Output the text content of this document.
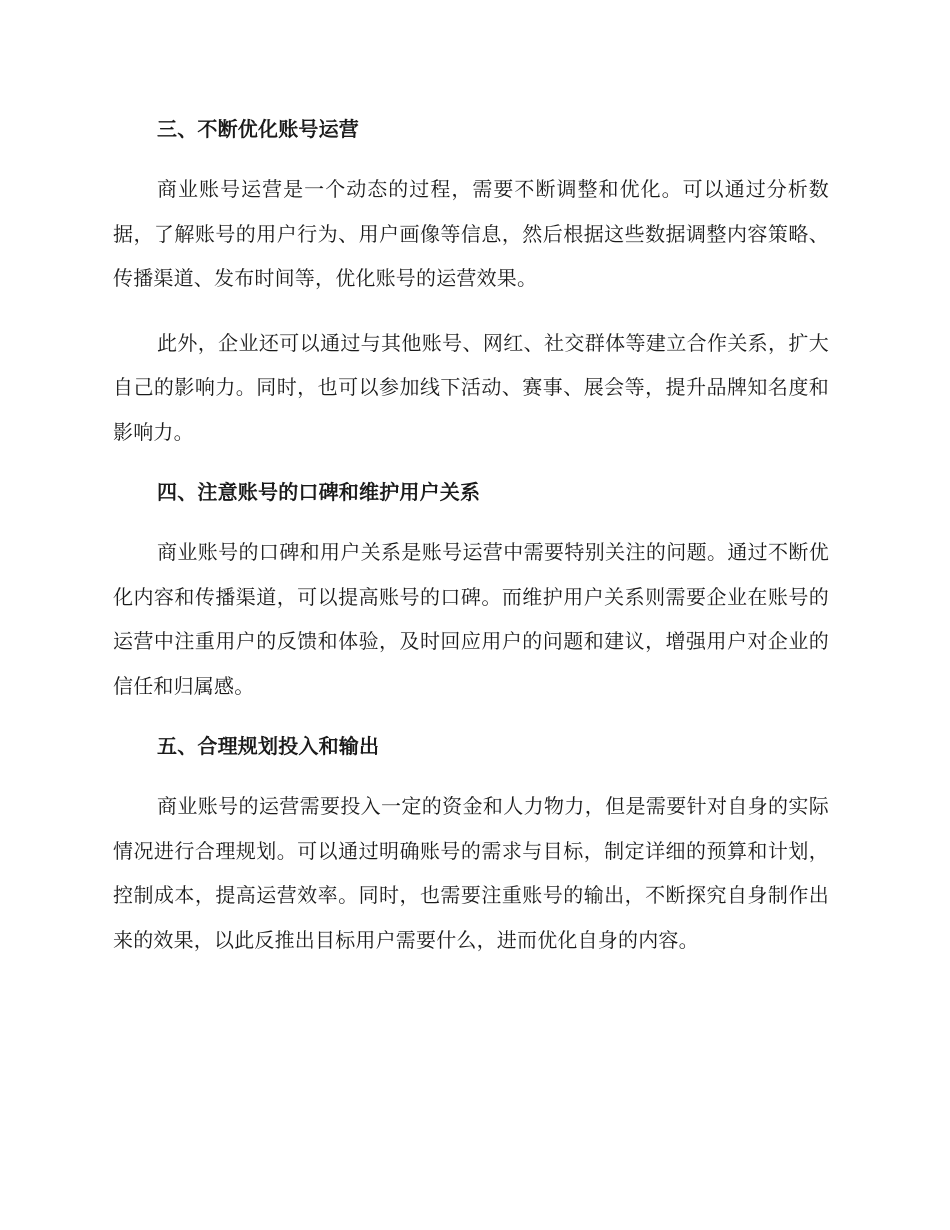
三、不断优化账号运营

商业账号运营是一个动态的过程，需要不断调整和优化。可以通过分析数据，了解账号的用户行为、用户画像等信息，然后根据这些数据调整内容策略、传播渠道、发布时间等，优化账号的运营效果。

此外，企业还可以通过与其他账号、网红、社交群体等建立合作关系，扩大自己的影响力。同时，也可以参加线下活动、赛事、展会等，提升品牌知名度和影响力。

四、注意账号的口碑和维护用户关系

商业账号的口碑和用户关系是账号运营中需要特别关注的问题。通过不断优化内容和传播渠道，可以提高账号的口碑。而维护用户关系则需要企业在账号的运营中注重用户的反馈和体验，及时回应用户的问题和建议，增强用户对企业的信任和归属感。

五、合理规划投入和输出

商业账号的运营需要投入一定的资金和人力物力，但是需要针对自身的实际情况进行合理规划。可以通过明确账号的需求与目标，制定详细的预算和计划，控制成本，提高运营效率。同时，也需要注重账号的输出，不断探究自身制作出来的效果，以此反推出目标用户需要什么，进而优化自身的内容。
